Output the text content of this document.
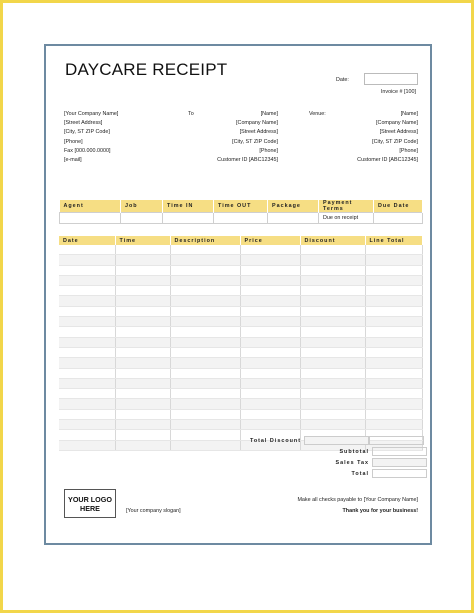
DAYCARE RECEIPT
Date:
Invoice # [100]
[Your Company Name]
[Street Address]
[City, ST ZIP Code]
[Phone]
Fax [000.000.0000]
[e-mail]
To	[Name]
[Company Name]
[Street Address]
[City, ST ZIP Code]
[Phone]
Customer ID [ABC12345]
Venue:	[Name]
[Company Name]
[Street Address]
[City, ST ZIP Code]
[Phone]
Customer ID [ABC12345]
Agent	Job	Time IN	Time OUT	Package	Payment Terms	Due Date
					Due on receipt	
Date	Time	Description	Price	Discount	Line Total

Total Discount
Subtotal
Sales Tax
Total
YOUR LOGO
HERE	[Your company slogan]
Make all checks payable to [Your Company Name]
Thank you for your business!
